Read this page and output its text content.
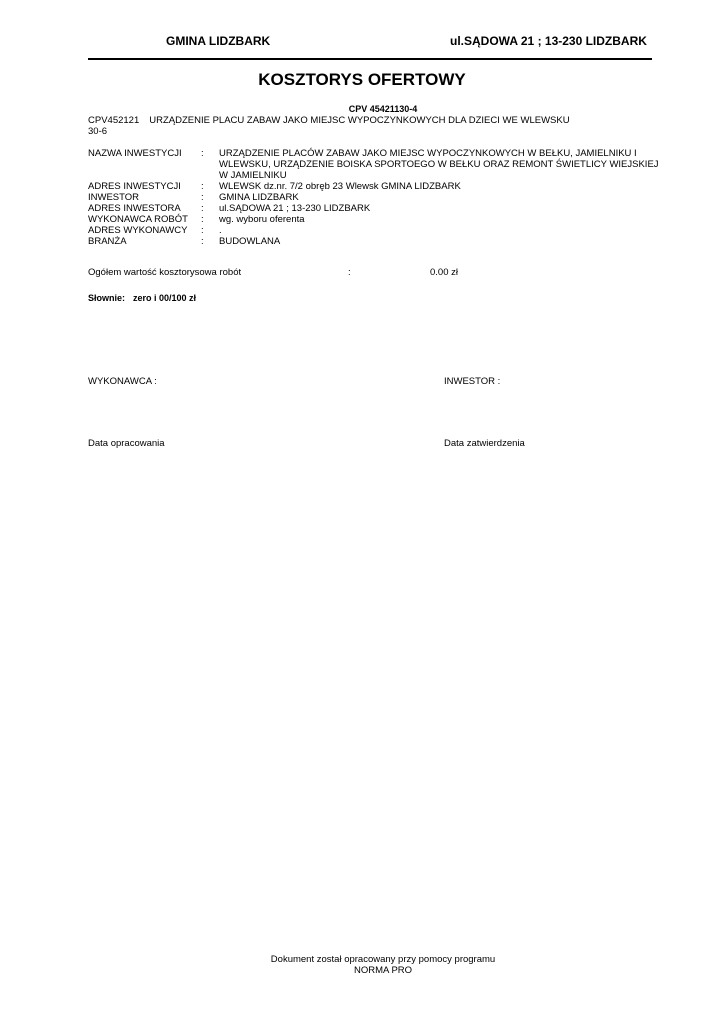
GMINA LIDZBARK	ul.SĄDOWA 21 ; 13-230 LIDZBARK
KOSZTORYS OFERTOWY
CPV 45421130-4
CPV452121 URZĄDZENIE PLACU ZABAW JAKO MIEJSC WYPOCZYNKOWYCH DLA DZIECI WE WLEWSKU
30-6
NAZWA INWESTYCJI	: URZĄDZENIE PLACÓW ZABAW JAKO MIEJSC WYPOCZYNKOWYCH W BEŁKU, JAMIELNIKU I
WLEWSKU, URZĄDZENIE BOISKA SPORTOEGO W BEŁKU ORAZ REMONT ŚWIETLICY WIEJSKIEJ
W JAMIELNIKU
ADRES INWESTYCJI	: WLEWSK dz.nr. 7/2 obręb 23 Wlewsk GMINA LIDZBARK
INWESTOR	: GMINA LIDZBARK
ADRES INWESTORA	: ul.SĄDOWA 21 ; 13-230 LIDZBARK
WYKONAWCA ROBÓT	: wg. wyboru oferenta
ADRES WYKONAWCY	: .
BRANŻA	: BUDOWLANA
Ogółem wartość kosztorysowa robót	:	0.00 zł
Słownie: zero i 00/100 zł
WYKONAWCA :	INWESTOR :
Data opracowania	Data zatwierdzenia
Dokument został opracowany przy pomocy programu
NORMA PRO
